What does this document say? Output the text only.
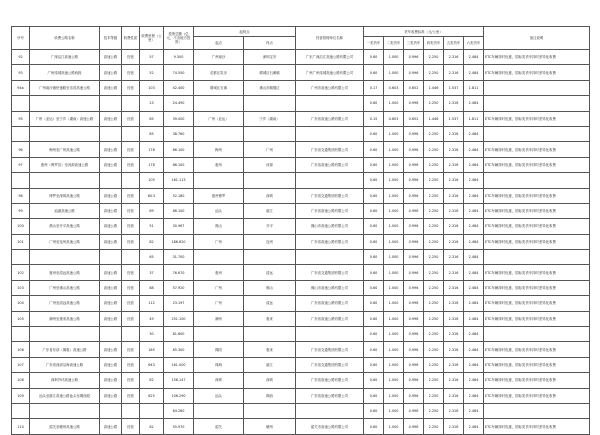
序号	收费公路名称	技术等级	收费性质	收费里程（公里）	投资总额（亿元，不含地方投资）	起终点		经营管理单位名称	货车收费标准（元/公里）						备注说明
						起点	终点		一类货车	二类货车	三类货车	四类货车	五类货车	六类货车	
92	广深沿江高速公路	高速公路	经营	57	9.300	广州南沙	深圳宝安	广东广深沿江高速公路有限公司	0.60	1.000	0.996	2.250	2.316	2.484	ETC车辆持时优惠，国标类货车持时差异化收费
93	广州绕城高速公路西段	高速公路	经营	52	74.550	花都区炭步	增城区石滩镇	广州广州绕城高速公路有限公司	0.60	1.000	0.996	2.250	2.316	2.484	ETC车辆持时优惠，国标类货车持时差异化收费
94a	广州南沙港快速路至乐昌高速公路	高速公路	经营	103	42.400	增城区石滩	佛山市顺德区	广州市高速公路有限公司	0.17	0.603	0.652	1.446	1.537	1.811	
				23	24.490				0.60	1.000	0.996	2.250	2.316	2.484	
95	广州（亚运）至宁乡（湖南）高速公路	高速公路	经营	85	39.000	广州（亚运）	宁乡（湖南）	广东省高速公路有限公司	0.15	0.603	0.652	1.446	1.537	1.811	ETC车辆持时优惠，国标类货车持时差异化收费
				85	38.760				0.60	1.000	0.996	2.250	2.316	2.484	
96	梅州至广州高速公路	高速公路	经营	178	86.100	梅州	广州	广东省交通集团有限公司	0.60	1.000	0.996	2.250	2.316	2.484	ETC车辆持时优惠，国标类货车持时差异化收费
97	惠州（博罗县）至河源高速公路	高速公路	经营	178	86.100	惠州	河源	广东省高速公路有限公司	0.60	1.000	0.996	2.250	2.316	2.484	ETC车辆持时优惠，国标类货车持时差异化收费
				105	161.113				0.60	1.000	0.996	2.250	2.316	2.484	
98	博罗至深圳高速公路	高速公路	经营	60.5	52.180	惠州博罗	深圳	广东省交通集团有限公司	0.60	1.000	0.996	2.250	2.316	2.484	ETC车辆持时优惠，国标类货车持时差异化收费
99	汕湛高速公路	高速公路	经营	69	86.100	汕头	湛江	广东省高速公路有限公司	0.60	1.000	0.996	2.250	2.316	2.484	ETC车辆持时优惠，国标类货车持时差异化收费
100	佛山至开平高速公路	高速公路	经营	51	30.967	佛山	开平	佛山市高速公路有限公司	0.60	1.000	0.996	2.250	2.316	2.484	ETC车辆持时优惠，国标类货车持时差异化收费
101	广州至连州高速公路	高速公路	经营	82	186.820	广州	连州	广东省高速公路有限公司	0.60	1.000	0.996	2.250	2.316	2.484	ETC车辆持时优惠，国标类货车持时差异化收费
				65	31.700				0.60	1.000	0.996	2.250	2.316	2.484	
102	惠州至清远高速公路	高速公路	经营	37	76.670	惠州	清远	广东省交通集团有限公司	0.60	1.000	0.996	2.250	2.316	2.484	ETC车辆持时优惠，国标类货车持时差异化收费
103	广州至佛山高速公路	高速公路	经营	88	57.920	广州	佛山	佛山市高速公路有限公司	0.60	1.000	0.996	2.250	2.316	2.484	ETC车辆持时优惠，国标类货车持时差异化收费
104	广州至清远高速公路	高速公路	经营	112	23.197	广州	清远	广东省高速公路有限公司	0.60	1.000	0.996	2.250	2.316	2.484	ETC车辆持时优惠，国标类货车持时差异化收费
105	潮州至惠来高速公路	高速公路	经营	49	251.100	潮州	惠来	广东省高速公路有限公司	0.60	1.000	0.996	2.250	2.316	2.484	ETC车辆持时优惠，国标类货车持时差异化收费
				30	81.600				0.60	1.000	0.996	2.250	2.316	2.484	
106	广东省东部（揭惠）高速公路	高速公路	经营	185	85.300	揭阳	惠来	广东省交通集团有限公司	0.60	1.000	0.996	2.250	2.316	2.484	ETC车辆持时优惠，国标类货车持时差异化收费
107	广东省西部沿海高速公路	高速公路	经营	643	161.000	珠海	湛江	广东省交通集团有限公司	0.60	1.000	0.996	2.250	2.316	2.484	ETC车辆持时优惠，国标类货车持时差异化收费
108	深圳外环高速公路	高速公路	经营	82	156.147	深圳	深圳	广东省高速公路有限公司	0.60	1.000	0.996	2.250	2.316	2.484	ETC车辆持时优惠，国标类货车持时差异化收费
109	汕头至湛江高速公路汕头至揭西段	高速公路	经营	625	106.290	汕头	揭西	广东省高速公路有限公司	0.60	1.000	0.996	2.250	2.316	2.484	ETC车辆持时优惠，国标类货车持时差异化收费
					64.260				0.60	1.000	0.996	2.250	2.316	2.484	
110	韶关至赣州高速公路	高速公路	经营	62	55.970	韶关	赣州	韶关市高速公路有限公司	0.60	1.000	0.996	2.250	2.316	2.484	ETC车辆持时优惠，国标类货车持时差异化收费
